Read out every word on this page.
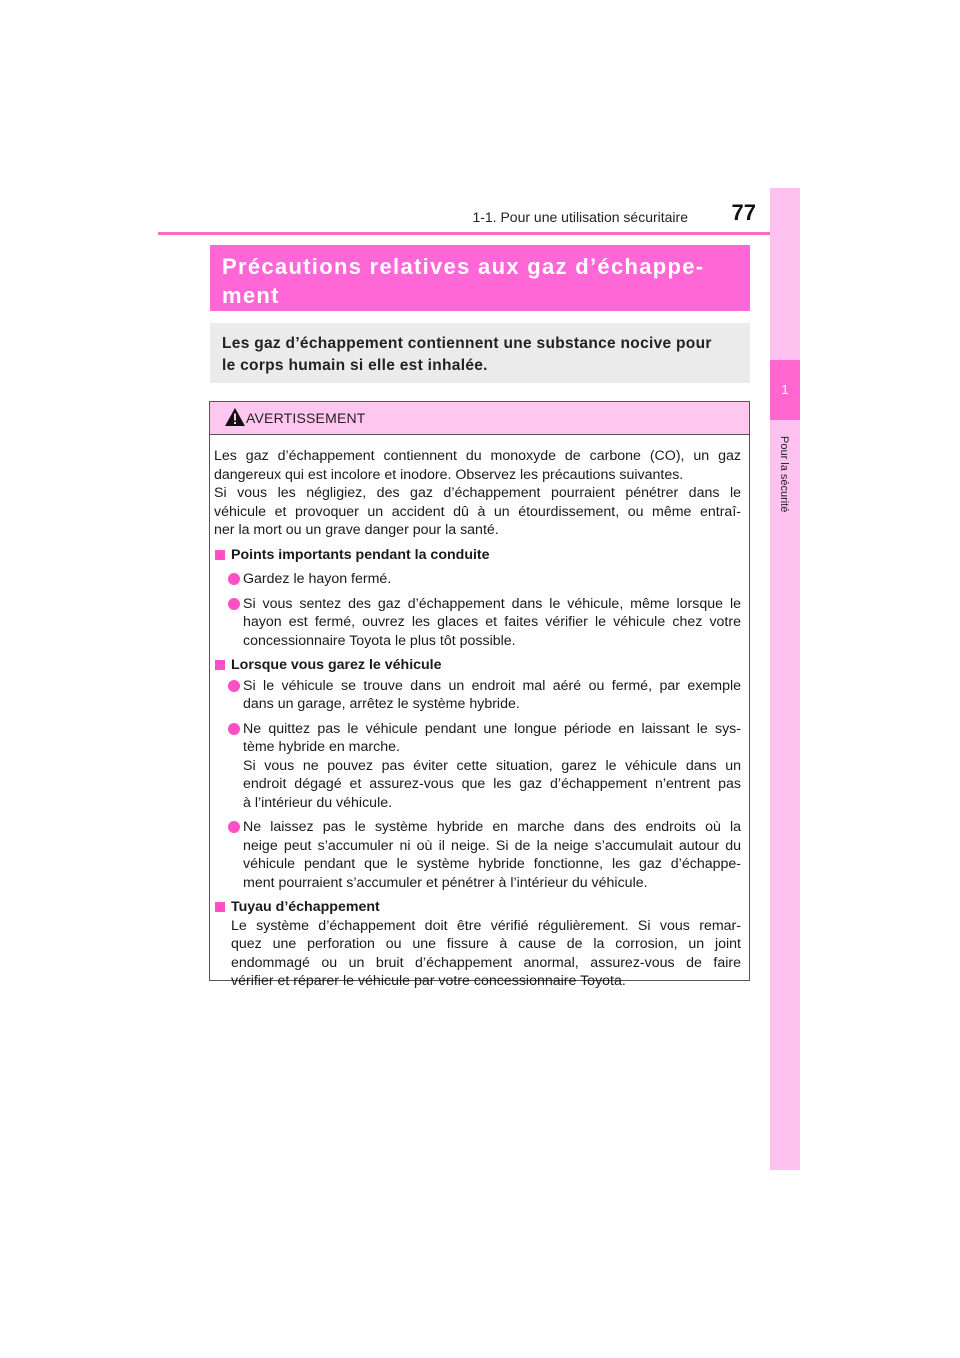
1-1. Pour une utilisation sécuritaire 77
1
Pour la sécurité
Précautions relatives aux gaz d’échappe-
ment
Les gaz d’échappement contiennent une substance nocive pour
le corps humain si elle est inhalée.
AVERTISSEMENT
Les gaz d’échappement contiennent du monoxyde de carbone (CO), un gaz
dangereux qui est incolore et inodore. Observez les précautions suivantes.
Si vous les négligiez, des gaz d’échappement pourraient pénétrer dans le
véhicule et provoquer un accident dû à un étourdissement, ou même entraî-
ner la mort ou un grave danger pour la santé.
Points importants pendant la conduite
Gardez le hayon fermé.
Si vous sentez des gaz d’échappement dans le véhicule, même lorsque le
hayon est fermé, ouvrez les glaces et faites vérifier le véhicule chez votre
concessionnaire Toyota le plus tôt possible.
Lorsque vous garez le véhicule
Si le véhicule se trouve dans un endroit mal aéré ou fermé, par exemple
dans un garage, arrêtez le système hybride.
Ne quittez pas le véhicule pendant une longue période en laissant le sys-
tème hybride en marche.
Si vous ne pouvez pas éviter cette situation, garez le véhicule dans un
endroit dégagé et assurez-vous que les gaz d’échappement n’entrent pas
à l’intérieur du véhicule.
Ne laissez pas le système hybride en marche dans des endroits où la
neige peut s’accumuler ni où il neige. Si de la neige s’accumulait autour du
véhicule pendant que le système hybride fonctionne, les gaz d’échappe-
ment pourraient s’accumuler et pénétrer à l’intérieur du véhicule.
Tuyau d’échappement
Le système d’échappement doit être vérifié régulièrement. Si vous remar-
quez une perforation ou une fissure à cause de la corrosion, un joint
endommagé ou un bruit d’échappement anormal, assurez-vous de faire
vérifier et réparer le véhicule par votre concessionnaire Toyota.
